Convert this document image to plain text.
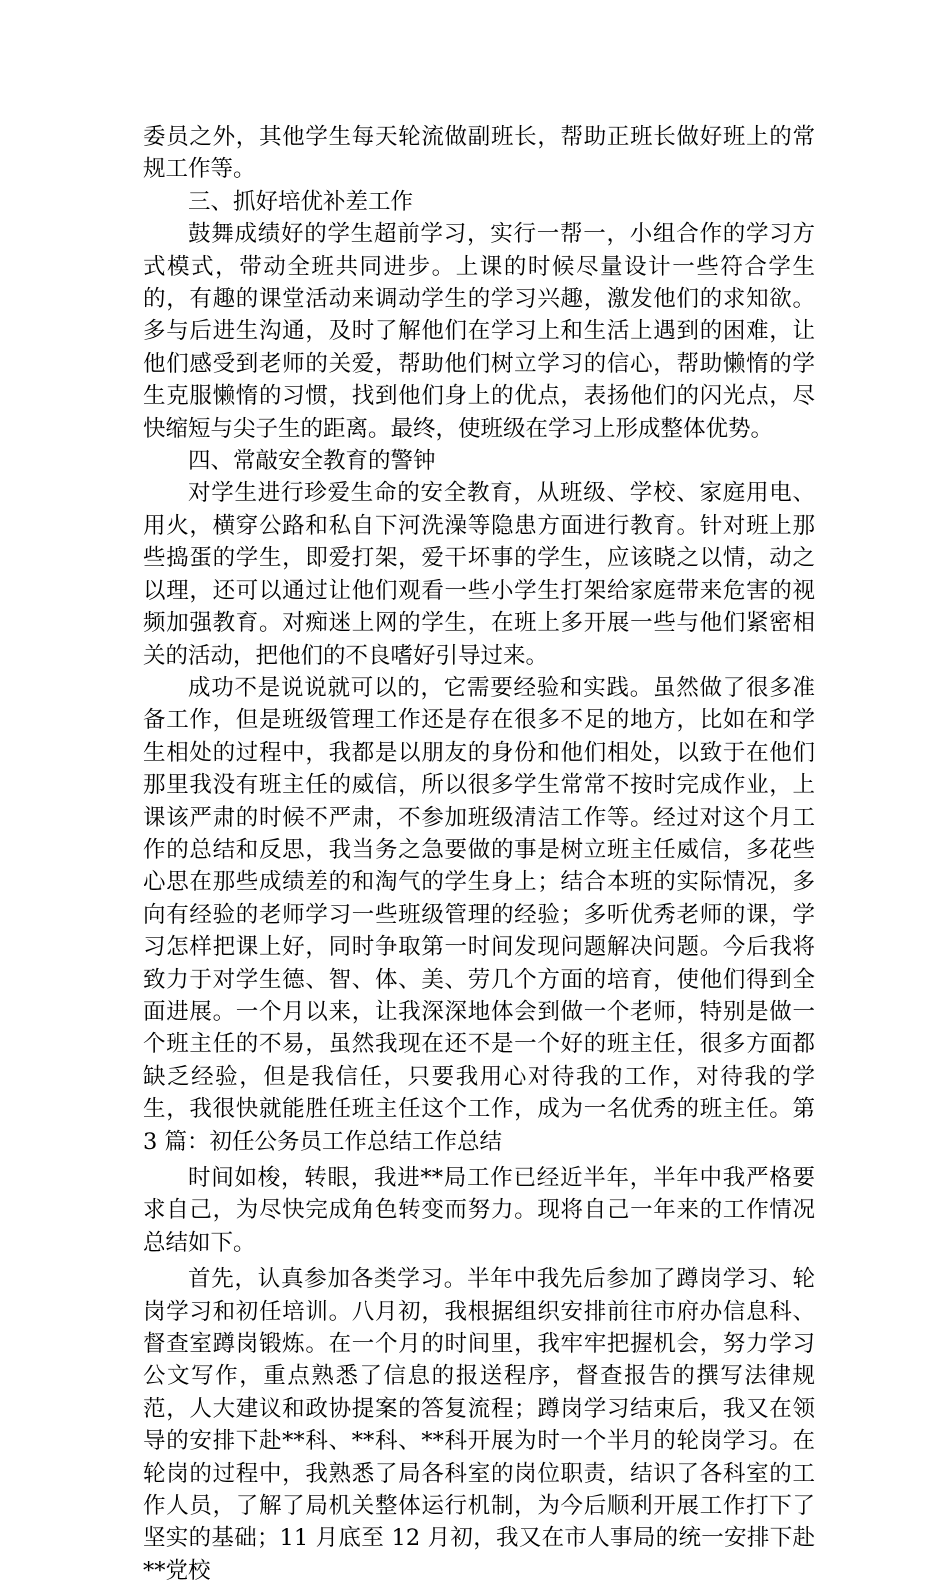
委员之外，其他学生每天轮流做副班长，帮助正班长做好班上的常规工作等。

三、抓好培优补差工作

鼓舞成绩好的学生超前学习，实行一帮一，小组合作的学习方式模式，带动全班共同进步。上课的时候尽量设计一些符合学生的，有趣的课堂活动来调动学生的学习兴趣，激发他们的求知欲。多与后进生沟通，及时了解他们在学习上和生活上遇到的困难，让他们感受到老师的关爱，帮助他们树立学习的信心，帮助懒惰的学生克服懒惰的习惯，找到他们身上的优点，表扬他们的闪光点，尽快缩短与尖子生的距离。最终，使班级在学习上形成整体优势。

四、常敲安全教育的警钟

对学生进行珍爱生命的安全教育，从班级、学校、家庭用电、用火，横穿公路和私自下河洗澡等隐患方面进行教育。针对班上那些捣蛋的学生，即爱打架，爱干坏事的学生，应该晓之以情，动之以理，还可以通过让他们观看一些小学生打架给家庭带来危害的视频加强教育。对痴迷上网的学生，在班上多开展一些与他们紧密相关的活动，把他们的不良嗜好引导过来。

成功不是说说就可以的，它需要经验和实践。虽然做了很多准备工作，但是班级管理工作还是存在很多不足的地方，比如在和学生相处的过程中，我都是以朋友的身份和他们相处，以致于在他们那里我没有班主任的威信，所以很多学生常常不按时完成作业，上课该严肃的时候不严肃，不参加班级清洁工作等。经过对这个月工作的总结和反思，我当务之急要做的事是树立班主任威信，多花些心思在那些成绩差的和淘气的学生身上；结合本班的实际情况，多向有经验的老师学习一些班级管理的经验；多听优秀老师的课，学习怎样把课上好，同时争取第一时间发现问题解决问题。今后我将致力于对学生德、智、体、美、劳几个方面的培育，使他们得到全面进展。一个月以来，让我深深地体会到做一个老师，特别是做一个班主任的不易，虽然我现在还不是一个好的班主任，很多方面都缺乏经验，但是我信任，只要我用心对待我的工作，对待我的学生，我很快就能胜任班主任这个工作，成为一名优秀的班主任。第 3 篇：初任公务员工作总结工作总结

时间如梭，转眼，我进**局工作已经近半年，半年中我严格要求自己，为尽快完成角色转变而努力。现将自己一年来的工作情况总结如下。

首先，认真参加各类学习。半年中我先后参加了蹲岗学习、轮岗学习和初任培训。八月初，我根据组织安排前往市府办信息科、督查室蹲岗锻炼。在一个月的时间里，我牢牢把握机会，努力学习公文写作，重点熟悉了信息的报送程序，督查报告的撰写法律规范，人大建议和政协提案的答复流程；蹲岗学习结束后，我又在领导的安排下赴**科、**科、**科开展为时一个半月的轮岗学习。在轮岗的过程中，我熟悉了局各科室的岗位职责，结识了各科室的工作人员，了解了局机关整体运行机制，为今后顺利开展工作打下了坚实的基础；11 月底至 12 月初，我又在市人事局的统一安排下赴**党校
